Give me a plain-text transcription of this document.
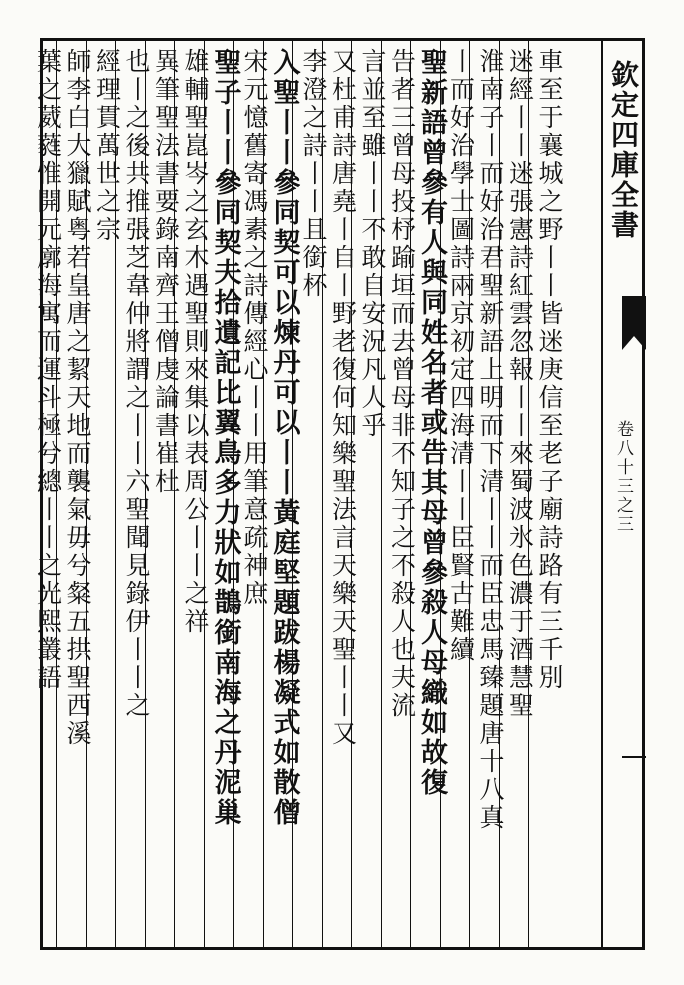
欽定四庫全書
卷八十三之三
車至于襄城之野丨丨皆迷庚信至老子廟詩路有三千別
迷經丨丨迷張憲詩紅雲忽報丨丨來蜀波氷色濃于酒慧聖
淮南子丨而好治君聖新語上明而下清丨丨而臣忠馬臻題唐十八真
丨而好治學士圖詩兩京初定四海清丨丨臣賢古難續
聖新語曾參有人與同姓名者或告其母曾參殺人母織如故復
告者三曾母投杼踰垣而去曾母非不知子之不殺人也夫流
言並至雖丨丨不敢自安況凡人乎
又杜甫詩唐堯丨自丨野老復何知樂聖法言天樂天聖丨丨又
李澄之詩丨丨且銜杯
入聖丨丨參同契可以煉丹可以丨丨黃庭堅題跋楊凝式如散僧
宋元憶舊寄馮素之詩傳經心丨丨用筆意疏神庶
聖子丨丨參同契夫拾遺記比翼鳥多力狀如鵲銜南海之丹泥巢
雄輔聖崑岑之玄木遇聖則來集以表周公丨丨之祥
異筆聖法書要錄南齊王僧虔論書崔杜
也丨之後共推張芝韋仲將謂之丨丨六聖聞見錄伊丨丨之
經理貫萬世之宗
師李白大獵賦粤若皇唐之絜天地而襲氣毋兮粲五拱聖西溪
葉之葳蕤惟開元廓海寓而運斗極兮總丨丨之光熙叢語
